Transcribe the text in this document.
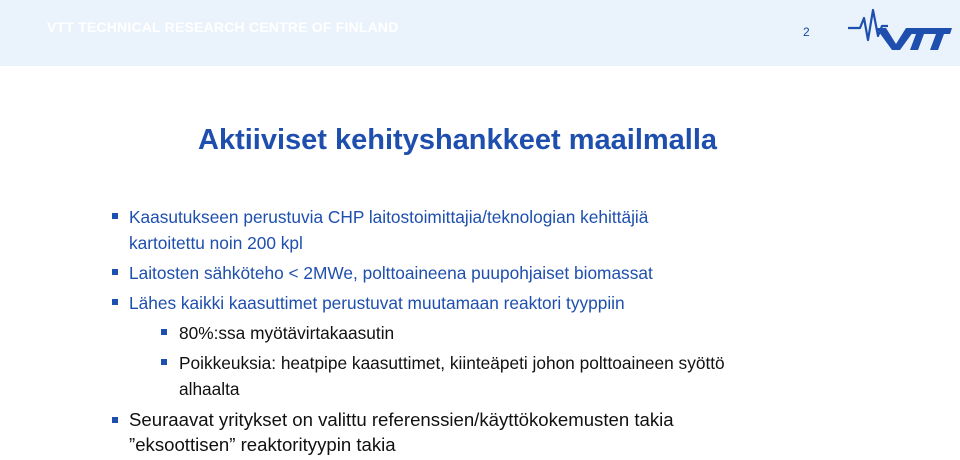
VTT TECHNICAL RESEARCH CENTRE OF FINLAND	2
Aktiiviset kehityshankkeet maailmalla
Kaasutukseen perustuvia CHP laitostoimittajia/teknologian kehittäjiä
kartoitettu noin 200 kpl
Laitosten sähköteho < 2MWe, polttoaineena puupohjaiset biomassat
Lähes kaikki kaasuttimet perustuvat muutamaan reaktori tyyppiin
80%:ssa myötävirtakaasutin
Poikkeuksia: heatpipe kaasuttimet, kiinteäpeti johon polttoaineen syöttö
alhaalta
Seuraavat yritykset on valittu referenssien/käyttökokemusten takia
”eksoottisen” reaktorityypin takia
